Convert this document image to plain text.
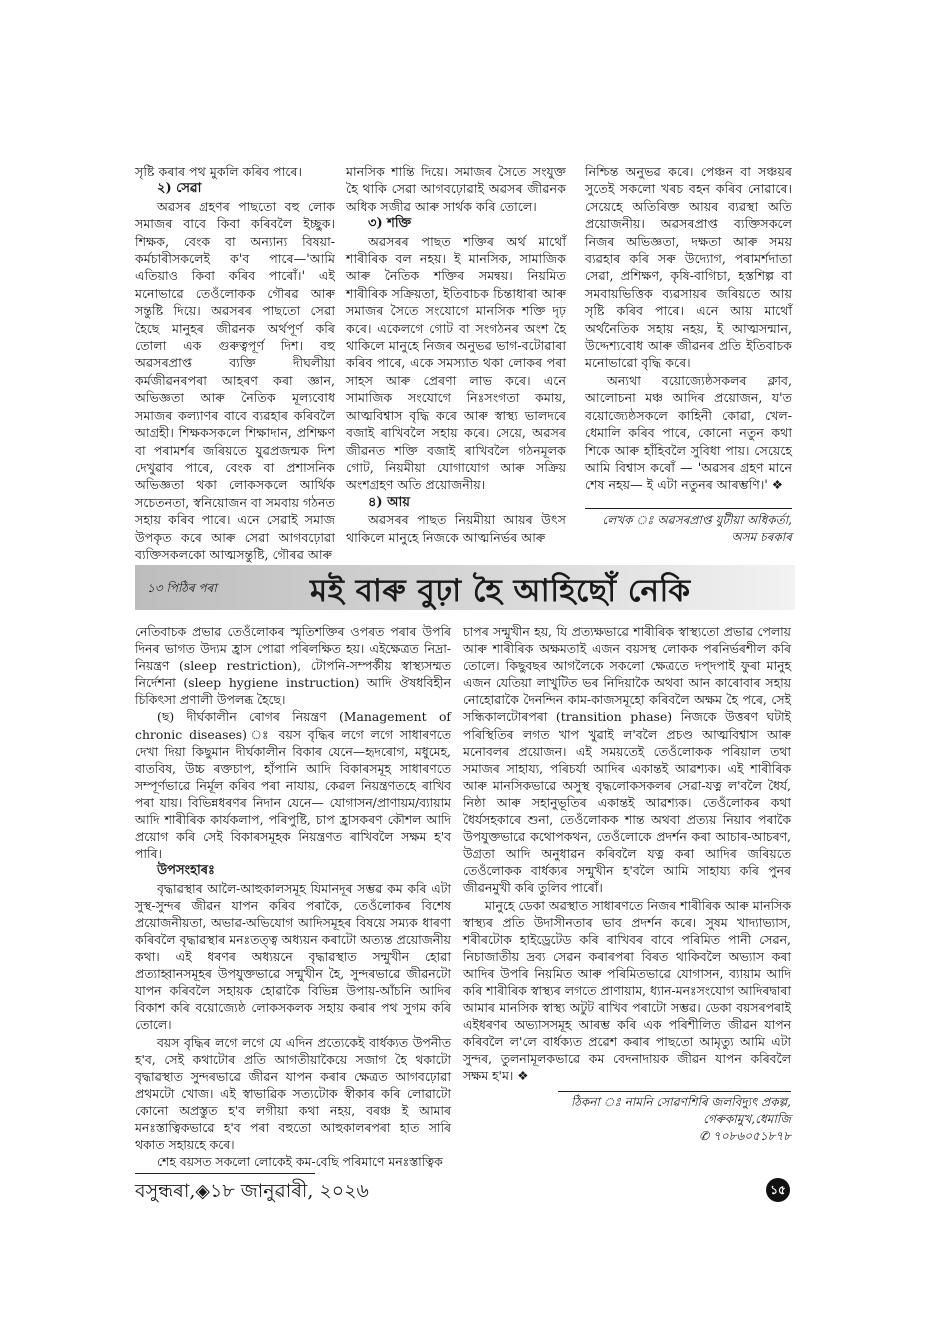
সৃষ্টি কৰাৰ পথ মুকলি কৰিব পাৰে।

২) সেৱা

অৱসৰ গ্ৰহণৰ পাছতো বহু লোক সমাজৰ বাবে কিবা কৰিবলৈ ইচ্ছুক। শিক্ষক, বেংক বা অন্যান্য বিষয়া-কৰ্মচাৰীসকলেই ক'ব পাৰে—'আমি এতিয়াও কিবা কৰিব পাৰোঁ।' এই মনোভাৱে তেওঁলোকক গৌৰৱ আৰু সন্তুষ্টি দিয়ে। অৱসৰৰ পাছতো সেৱা হৈছে মানুহৰ জীৱনক অৰ্থপূৰ্ণ কৰি তোলা এক গুৰুত্বপূৰ্ণ দিশ। বহু অৱসৰপ্ৰাপ্ত ব্যক্তি দীঘলীয়া কৰ্মজীৱনৰপৰা আহৰণ কৰা জ্ঞান, অভিজ্ঞতা আৰু নৈতিক মূল্যবোধ সমাজৰ কল্যাণৰ বাবে ব্যৱহাৰ কৰিবলৈ আগ্ৰহী। শিক্ষকসকলে শিক্ষাদান, প্ৰশিক্ষণ বা পৰামৰ্শৰ জৰিয়তে যুৱপ্ৰজন্মক দিশ দেখুৱাব পাৰে, বেংক বা প্ৰশাসনিক অভিজ্ঞতা থকা লোকসকলে আৰ্থিক সচেতনতা, স্বনিয়োজন বা সমবায় গঠনত সহায় কৰিব পাৰে। এনে সেৱাই সমাজ উপকৃত কৰে আৰু সেৱা আগবঢ়োৱা ব্যক্তিসকলকো আত্মসন্তুষ্টি, গৌৰৱ আৰু

মানসিক শান্তি দিয়ে। সমাজৰ সৈতে সংযুক্ত হৈ থাকি সেৱা আগবঢ়োৱাই অৱসৰ জীৱনক অধিক সজীৱ আৰু সাৰ্থক কৰি তোলে।

৩) শক্তি

অৱসৰৰ পাছত শক্তিৰ অৰ্থ মাথোঁ শাৰীৰিক বল নহয়। ই মানসিক, সামাজিক আৰু নৈতিক শক্তিৰ সমন্বয়। নিয়মিত শাৰীৰিক সক্ৰিয়তা, ইতিবাচক চিন্তাধাৰা আৰু সমাজৰ সৈতে সংযোগে মানসিক শক্তি দৃঢ় কৰে। একেলগে গোট বা সংগঠনৰ অংশ হৈ থাকিলে মানুহে নিজৰ অনুভৱ ভাগ-বটোৱাৰা কৰিব পাৰে, একে সমস্যাত থকা লোকৰ পৰা সাহস আৰু প্ৰেৰণা লাভ কৰে। এনে সামাজিক সংযোগে নিঃসংগতা কমায়, আত্মবিশ্বাস বৃদ্ধি কৰে আৰু স্বাস্থ্য ভালদৰে বজাই ৰাখিবলৈ সহায় কৰে। সেয়ে, অৱসৰ জীৱনত শক্তি বজাই ৰাখিবলৈ গঠনমূলক গোট, নিয়মীয়া যোগাযোগ আৰু সক্ৰিয় অংশগ্ৰহণ অতি প্ৰয়োজনীয়।

৪) আয়

অৱসৰৰ পাছত নিয়মীয়া আয়ৰ উৎস থাকিলে মানুহে নিজকে আত্মনিৰ্ভৰ আৰু

নিশ্চিন্ত অনুভৱ কৰে। পেঞ্চন বা সঞ্চয়ৰ সুতেই সকলো খৰচ বহন কৰিব নোৱাৰে। সেয়েহে অতিৰিক্ত আয়ৰ ব্যৱস্থা অতি প্ৰয়োজনীয়। অৱসৰপ্ৰাপ্ত ব্যক্তিসকলে নিজৰ অভিজ্ঞতা, দক্ষতা আৰু সময় ব্যৱহাৰ কৰি সৰু উদ্যোগ, পৰামৰ্শদাতা সেৱা, প্ৰশিক্ষণ, কৃষি-বাগিচা, হস্তশিল্প বা সমবায়ভিত্তিক ব্যৱসায়ৰ জৰিয়তে আয় সৃষ্টি কৰিব পাৰে। এনে আয় মাথোঁ অৰ্থনৈতিক সহায় নহয়, ই আত্মসন্মান, উদ্দেশ্যবোধ আৰু জীৱনৰ প্ৰতি ইতিবাচক মনোভাৱো বৃদ্ধি কৰে।

অন্যথা বয়োজ্যেষ্ঠসকলৰ ক্লাব, আলোচনা মঞ্চ আদিৰ প্ৰয়োজন, য'ত বয়োজ্যেষ্ঠসকলে কাহিনী কোৱা, খেল-ধেমালি কৰিব পাৰে, কোনো নতুন কথা শিকে আৰু হাঁহিবলৈ সুবিধা পায়। সেয়েহে আমি বিশ্বাস কৰোঁ — 'অৱসৰ গ্ৰহণ মানে শেষ নহয়— ই এটা নতুনৰ আৰম্ভণি।' ❖

লেখক ঃ অৱসৰপ্ৰাপ্ত যুটীয়া অধিকৰ্তা,
অসম চৰকাৰ
১৩ পিঠিৰ পৰা	মই বাৰু বুঢ়া হৈ আহিছোঁ নেকি

নেতিবাচক প্ৰভাৱ তেওঁলোকৰ স্মৃতিশক্তিৰ ওপৰত পৰাৰ উপৰি দিনৰ ভাগত উদ্যম হ্ৰাস পোৱা পৰিলক্ষিত হয়। এইক্ষেত্ৰত নিদ্ৰা-নিয়ন্ত্ৰণ (sleep restriction), টোপনি-সম্পৰ্কীয় স্বাস্থ্যসম্মত নিৰ্দেশনা (sleep hygiene instruction) আদি ঔষধবিহীন চিকিৎসা প্ৰণালী উপলব্ধ হৈছে।

(ছ) দীৰ্ঘকালীন ৰোগৰ নিয়ন্ত্ৰণ (Management of chronic diseases) ঃ বয়স বৃদ্ধিৰ লগে লগে সাধাৰণতে দেখা দিয়া কিছুমান দীৰ্ঘকালীন বিকাৰ যেনে—হৃদৰোগ, মধুমেহ, বাতবিষ, উচ্চ ৰক্তচাপ, হাঁপানি আদি বিকাৰসমূহ সাধাৰণতে সম্পূৰ্ণভাৱে নিৰ্মূল কৰিব পৰা নাযায়, কেৱল নিয়ন্ত্ৰণতহে ৰাখিব পৰা যায়। বিভিন্নধৰণৰ নিদান যেনে— যোগাসন/প্ৰাণায়ম/ব্যায়াম আদি শাৰীৰিক কাৰ্যকলাপ, পৰিপুষ্টি, চাপ হ্ৰাসকৰণ কৌশল আদি প্ৰয়োগ কৰি সেই বিকাৰসমূহক নিয়ন্ত্ৰণত ৰাখিবলৈ সক্ষম হ'ব পাৰি।

উপসংহাৰঃ

বৃদ্ধাৱস্থাৰ আলৈ-আহুকালসমূহ যিমানদূৰ সম্ভৱ কম কৰি এটা সুস্থ-সুন্দৰ জীৱন যাপন কৰিব পৰাকৈ, তেওঁলোকৰ বিশেষ প্ৰয়োজনীয়তা, অভাৱ-অভিযোগ আদিসমূহৰ বিষয়ে সম্যক ধাৰণা কৰিবলৈ বৃদ্ধাৱস্থাৰ মনঃতত্ত্ব অধ্যয়ন কৰাটো অত্যন্ত প্ৰয়োজনীয় কথা। এই ধৰণৰ অধ্যয়নে বৃদ্ধাৱস্থাত সন্মুখীন হোৱা প্ৰত্যাহ্বানসমূহৰ উপযুক্তভাৱে সন্মুখীন হৈ, সুন্দৰভাৱে জীৱনটো যাপন কৰিবলৈ সহায়ক হোৱাকৈ বিভিন্ন উপায়-আঁচনি আদিৰ বিকাশ কৰি বয়োজ্যেষ্ঠ লোকসকলক সহায় কৰাৰ পথ সুগম কৰি তোলে।

বয়স বৃদ্ধিৰ লগে লগে যে এদিন প্ৰত্যেকেই বাৰ্ধক্যত উপনীত হ'ব, সেই কথাটোৰ প্ৰতি আগতীয়াকৈয়ে সজাগ হৈ থকাটো বৃদ্ধাৱস্থাত সুন্দৰভাৱে জীৱন যাপন কৰাৰ ক্ষেত্ৰত আগবঢ়োৱা প্ৰথমটো খোজ। এই স্বাভাৱিক সত্যটোক স্বীকাৰ কৰি লোৱাটো কোনো অপ্ৰস্তুত হ'ব লগীয়া কথা নহয়, বৰঞ্চ ই আমাৰ মনঃস্তাত্বিকভাৱে হ'ব পৰা বহুতো আহুকালৰপৰা হাত সাৰি থকাত সহায়হে কৰে।

শেহ বয়সত সকলো লোকেই কম-বেছি পৰিমাণে মনঃস্তাত্বিক

চাপৰ সন্মুখীন হয়, যি প্ৰত্যক্ষভাৱে শাৰীৰিক স্বাস্থ্যতো প্ৰভাৱ পেলায় আৰু শাৰীৰিক অক্ষমতাই এজন বয়সস্থ লোকক পৰনিৰ্ভৰশীল কৰি তোলে। কিছুবছৰ আগলৈকে সকলো ক্ষেত্ৰতে দপ্‌দপাই ফুৰা মানুহ এজন যেতিয়া লাখুটিত ভৰ নিদিয়াকৈ অথবা আন কাৰোবাৰ সহায় নোহোৱাকৈ দৈনন্দিন কাম-কাজসমূহো কৰিবলৈ অক্ষম হৈ পৰে, সেই সন্ধিকালটোৰপৰা (transition phase) নিজকে উত্তৰণ ঘটাই পৰিস্থিতিৰ লগত খাপ খুৱাই ল'বলৈ প্ৰচণ্ড আত্মবিশ্বাস আৰু মনোবলৰ প্ৰয়োজন। এই সময়তেই তেওঁলোকক পৰিয়াল তথা সমাজৰ সাহায্য, পৰিচৰ্যা আদিৰ একান্তই আৱশ্যক। এই শাৰীৰিক আৰু মানসিকভাৱে অসুস্থ বৃদ্ধলোকসকলৰ সেৱা-যত্ন ল'বলৈ ধৈৰ্য, নিষ্ঠা আৰু সহানুভূতিৰ একান্তই আৱশ্যক। তেওঁলোকৰ কথা ধৈৰ্যসহকাৰে শুনা, তেওঁলোকক শান্ত অথবা প্ৰত্যয় নিয়াব পৰাকৈ উপযুক্তভাৱে কথোপকথন, তেওঁলোকে প্ৰদৰ্শন কৰা আচাৰ-আচৰণ, উগ্ৰতা আদি অনুধাৱন কৰিবলৈ যত্ন কৰা আদিৰ জৰিয়তে তেওঁলোকক বাৰ্ধক্যৰ সন্মুখীন হ'বলৈ আমি সাহায্য কৰি পুনৰ জীৱনমুখী কৰি তুলিব পাৰোঁ।

মানুহে ডেকা অৱস্থাত সাধাৰণতে নিজৰ শাৰীৰিক আৰু মানসিক স্বাস্থ্যৰ প্ৰতি উদাসীনতাৰ ভাব প্ৰদৰ্শন কৰে। সুষম খাদ্যাভ্যাস, শৰীৰটোক হাইড্ৰেটেড কৰি ৰাখিবৰ বাবে পৰিমিত পানী সেৱন, নিচাজাতীয় দ্ৰব্য সেৱন কৰাৰপৰা বিৰত থাকিবলৈ অভ্যাস কৰা আদিৰ উপৰি নিয়মিত আৰু পৰিমিতভাৱে যোগাসন, ব্যায়াম আদি কৰি শাৰীৰিক স্বাস্থ্যৰ লগতে প্ৰাণায়াম, ধ্যান-মনঃসংযোগ আদিৰদ্বাৰা আমাৰ মানসিক স্বাস্থ্য অটুট ৰাখিব পৰাটো সম্ভৱ। ডেকা বয়সৰপৰাই এইধৰণৰ অভ্যাসসমূহ আৰম্ভ কৰি এক পৰিশীলিত জীৱন যাপন কৰিবলৈ ল'লে বাৰ্ধক্যত প্ৰৱেশ কৰাৰ পাছতো আমৃত্যু আমি এটা সুন্দৰ, তুলনামূলকভাৱে কম বেদনাদায়ক জীৱন যাপন কৰিবলৈ সক্ষম হ'ম। ❖

ঠিকনা ঃ নামনি সোৱণশিৰি জলবিদ্যুৎ প্ৰকল্প,
গেৰুকামুখ,ধেমাজি
✆ ৭০৮৬০৫১৮৭৮
বসুন্ধৰা,◈১৮ জানুৱাৰী, ২০২৬	১৫
